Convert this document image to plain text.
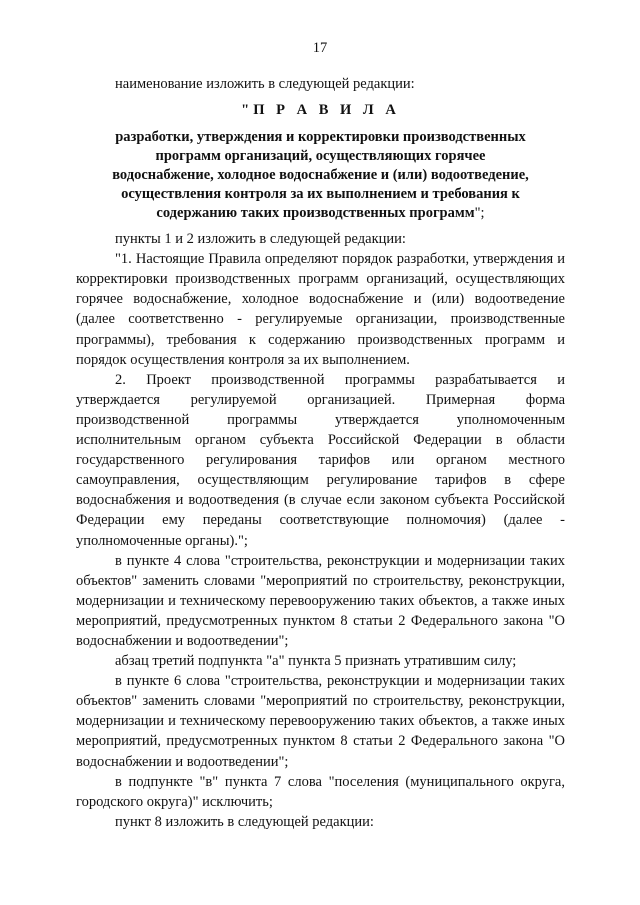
17

наименование изложить в следующей редакции:

"П Р А В И Л А

разработки, утверждения и корректировки производственных программ организаций, осуществляющих горячее водоснабжение, холодное водоснабжение и (или) водоотведение, осуществления контроля за их выполнением и требования к содержанию таких производственных программ";

пункты 1 и 2 изложить в следующей редакции:

"1. Настоящие Правила определяют порядок разработки, утверждения и корректировки производственных программ организаций, осуществляющих горячее водоснабжение, холодное водоснабжение и (или) водоотведение (далее соответственно - регулируемые организации, производственные программы), требования к содержанию производственных программ и порядок осуществления контроля за их выполнением.

2. Проект производственной программы разрабатывается и утверждается регулируемой организацией. Примерная форма производственной программы утверждается уполномоченным исполнительным органом субъекта Российской Федерации в области государственного регулирования тарифов или органом местного самоуправления, осуществляющим регулирование тарифов в сфере водоснабжения и водоотведения (в случае если законом субъекта Российской Федерации ему переданы соответствующие полномочия) (далее - уполномоченные органы).";

в пункте 4 слова "строительства, реконструкции и модернизации таких объектов" заменить словами "мероприятий по строительству, реконструкции, модернизации и техническому перевооружению таких объектов, а также иных мероприятий, предусмотренных пунктом 8 статьи 2 Федерального закона "О водоснабжении и водоотведении";

абзац третий подпункта "а" пункта 5 признать утратившим силу;

в пункте 6 слова "строительства, реконструкции и модернизации таких объектов" заменить словами "мероприятий по строительству, реконструкции, модернизации и техническому перевооружению таких объектов, а также иных мероприятий, предусмотренных пунктом 8 статьи 2 Федерального закона "О водоснабжении и водоотведении";

в подпункте "в" пункта 7 слова "поселения (муниципального округа, городского округа)" исключить;

пункт 8 изложить в следующей редакции:
